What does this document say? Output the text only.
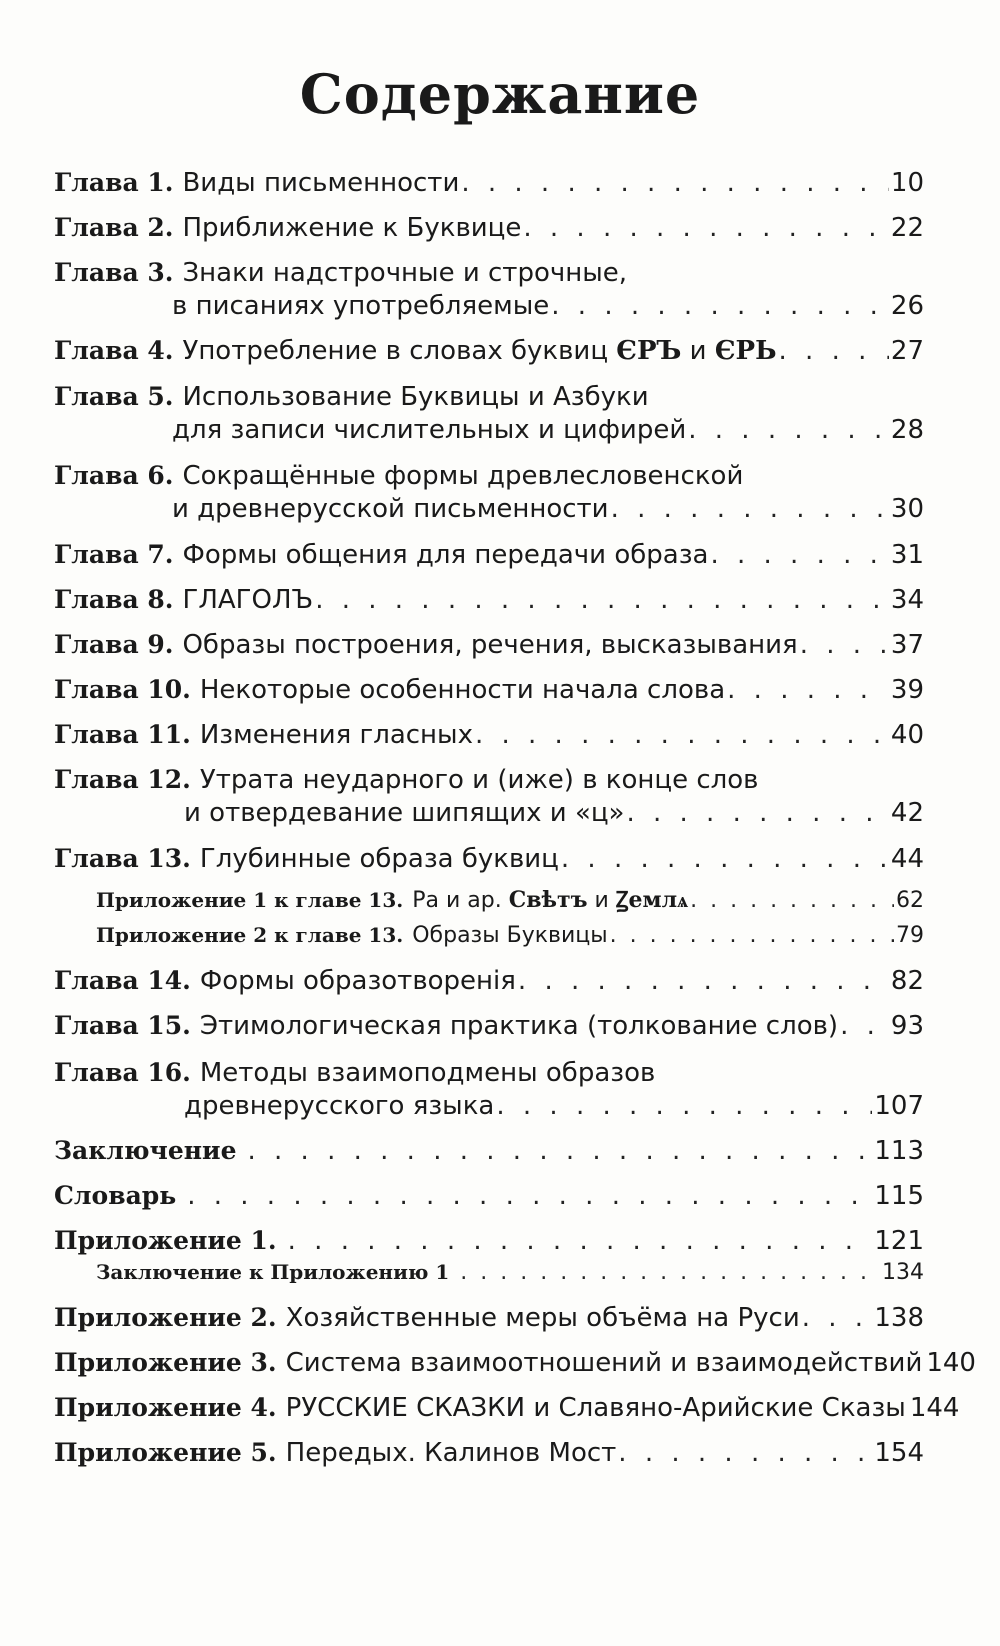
Содержание
Глава 1. Виды письменности . . .	10
Глава 2. Приближение к Буквице . . .	22
Глава 3. Знаки надстрочные и строчные,
в писаниях употребляемые . . .	26
Глава 4. Употребление в словах буквиц
ЄРЪ
и
ЄРЬ . . .	27
Глава 5. Использование Буквицы и Азбуки
для записи числительных и цифирей . . .	28
Глава 6. Сокращённые формы древлесловенской
и древнерусской письменности . . .	30
Глава 7. Формы общения для передачи образа . . .	31
Глава 8. ГЛАГОЛЪ . . .	34
Глава 9. Образы построения, речения, высказывания . . .	37
Глава 10. Некоторые особенности начала слова . . .	39
Глава 11. Изменения гласных . . .	40
Глава 12. Утрата неударного и (иже) в конце слов
и отвердевание шипящих и «ц» . . .	42
Глава 13. Глубинные образа буквиц . . .	44
Приложение 1 к главе 13. Ра и ар.
Свѣтъ
и
Ꙁемлѧ . . .	62
Приложение 2 к главе 13. Образы Буквицы . . .	79
Глава 14. Формы образотворенія . . .	82
Глава 15. Этимологическая практика (толкование слов) . . . 93
Глава 16. Методы взаимоподмены образов
древнерусского языка . . .	107
Заключение . . .	113
Словарь . . .	115
Приложение 1. . . .	121
Заключение к Приложению 1 . . .	134
Приложение 2. Хозяйственные меры объёма на Руси . . .	138
Приложение 3. Система взаимоотношений и взаимодействий 140
Приложение 4. РУССКИЕ СКАЗКИ и Славяно-Арийские Сказы 144
Приложение 5. Передых. Калинов Мост . . .	154
